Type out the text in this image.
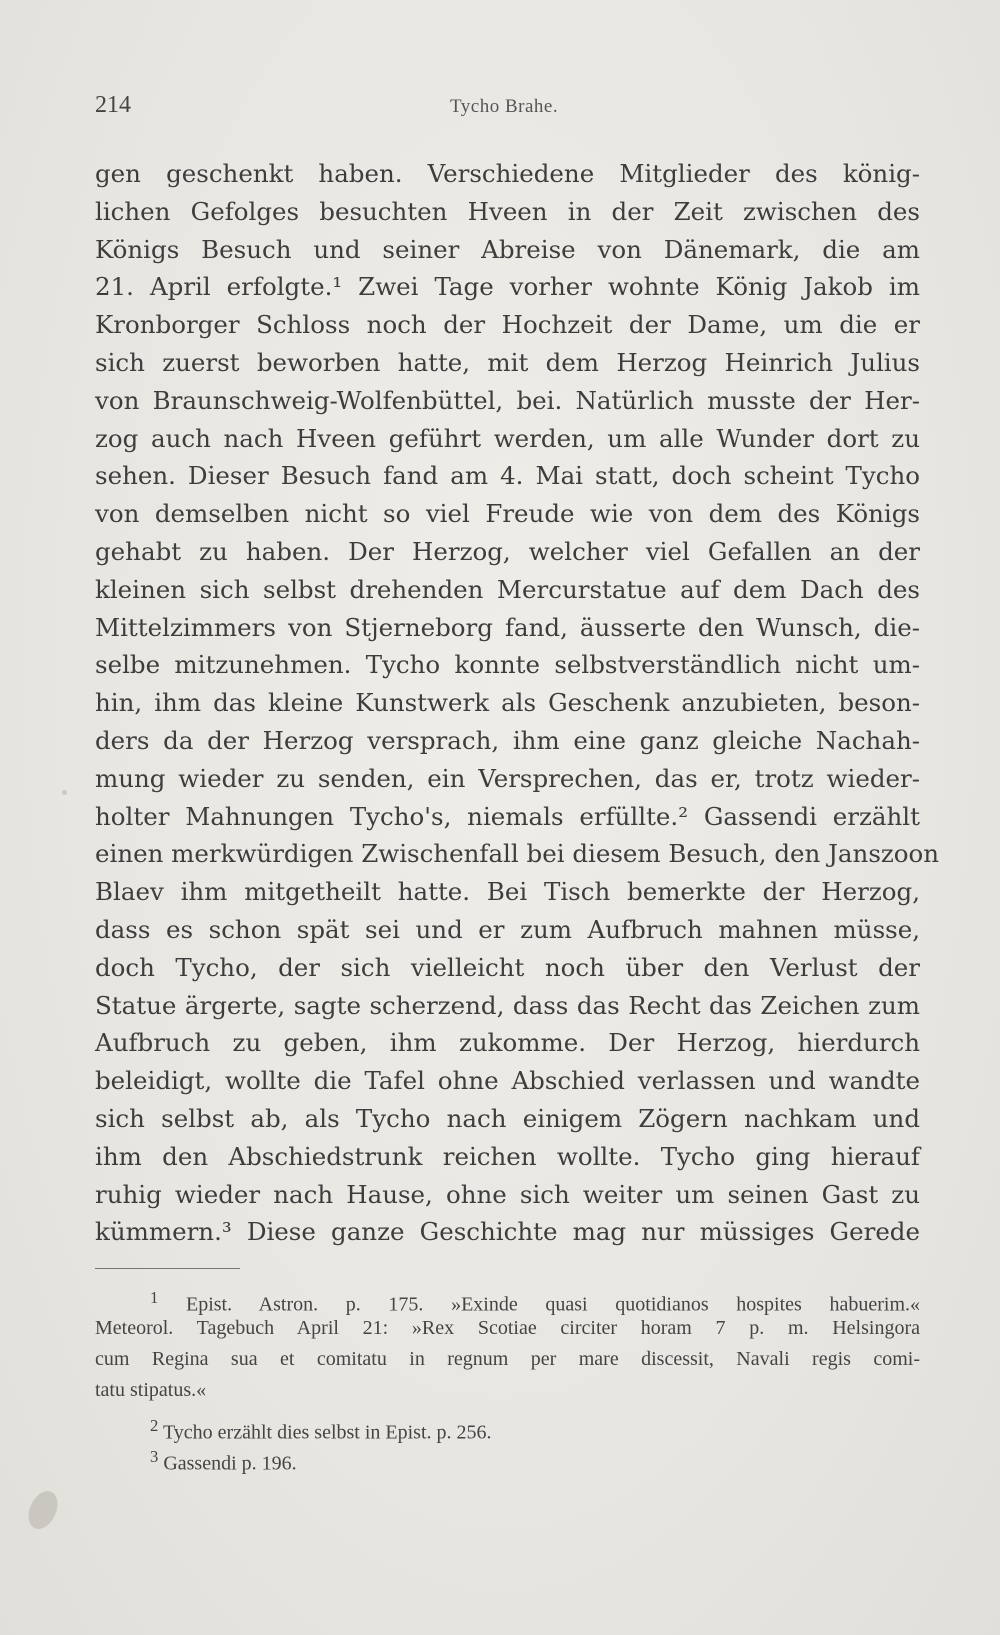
214	Tycho Brahe.
gen geschenkt haben. Verschiedene Mitglieder des könig-
lichen Gefolges besuchten Hveen in der Zeit zwischen des
Königs Besuch und seiner Abreise von Dänemark, die am
21. April erfolgte.¹ Zwei Tage vorher wohnte König Jakob im
Kronborger Schloss noch der Hochzeit der Dame, um die er
sich zuerst beworben hatte, mit dem Herzog Heinrich Julius
von Braunschweig-Wolfenbüttel, bei. Natürlich musste der Her-
zog auch nach Hveen geführt werden, um alle Wunder dort zu
sehen. Dieser Besuch fand am 4. Mai statt, doch scheint Tycho
von demselben nicht so viel Freude wie von dem des Königs
gehabt zu haben. Der Herzog, welcher viel Gefallen an der
kleinen sich selbst drehenden Mercurstatue auf dem Dach des
Mittelzimmers von Stjerneborg fand, äusserte den Wunsch, die-
selbe mitzunehmen. Tycho konnte selbstverständlich nicht um-
hin, ihm das kleine Kunstwerk als Geschenk anzubieten, beson-
ders da der Herzog versprach, ihm eine ganz gleiche Nachah-
mung wieder zu senden, ein Versprechen, das er, trotz wieder-
holter Mahnungen Tycho's, niemals erfüllte.² Gassendi erzählt
einen merkwürdigen Zwischenfall bei diesem Besuch, den Janszoon
Blaev ihm mitgetheilt hatte. Bei Tisch bemerkte der Herzog,
dass es schon spät sei und er zum Aufbruch mahnen müsse,
doch Tycho, der sich vielleicht noch über den Verlust der
Statue ärgerte, sagte scherzend, dass das Recht das Zeichen zum
Aufbruch zu geben, ihm zukomme. Der Herzog, hierdurch
beleidigt, wollte die Tafel ohne Abschied verlassen und wandte
sich selbst ab, als Tycho nach einigem Zögern nachkam und
ihm den Abschiedstrunk reichen wollte. Tycho ging hierauf
ruhig wieder nach Hause, ohne sich weiter um seinen Gast zu
kümmern.³ Diese ganze Geschichte mag nur müssiges Gerede
$^1$ Epist. Astron. p. 175. »Exinde quasi quotidianos hospites habuerim.«
Meteorol. Tagebuch April 21: »Rex Scotiae circiter horam 7 p. m. Helsingora
cum Regina sua et comitatu in regnum per mare discessit, Navali regis comi-
tatu stipatus.«
$^2$ Tycho erzählt dies selbst in Epist. p. 256.
$^3$ Gassendi p. 196.
